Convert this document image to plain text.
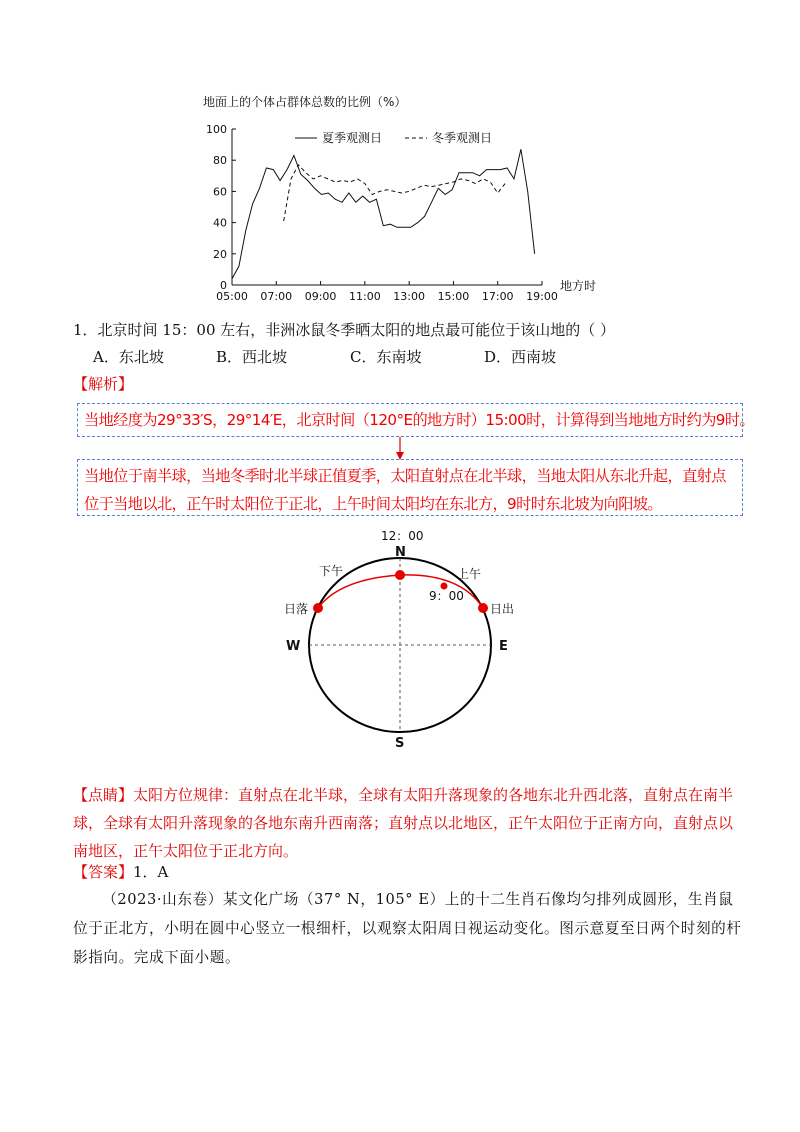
地面上的个体占群体总数的比例（%）
0
20
40
60
80
100
05:00 07:00 09:00 11:00 13:00 15:00 17:00 19:00
夏季观测日	冬季观测日
地方时
1．北京时间 15：00 左右，非洲冰鼠冬季晒太阳的地点最可能位于该山地的（ ）
A．东北坡	B．西北坡	C．东南坡	D．西南坡
【解析】
当地经度为29°33′S，29°14′E，北京时间（120°E的地方时）15:00时，计算得到当地地方时约为9时。
当地位于南半球，当地冬季时北半球正值夏季，太阳直射点在北半球，当地太阳从东北升起，直射点位于当地以北，正午时太阳位于正北，上午时间太阳均在东北方，9时时东北坡为向阳坡。
12：00
N
下午	上午
9：00
日落	日出
W	E
S
【点睛】太阳方位规律：直射点在北半球，全球有太阳升落现象的各地东北升西北落，直射点在南半球，全球有太阳升落现象的各地东南升西南落；直射点以北地区，正午太阳位于正南方向，直射点以南地区，正午太阳位于正北方向。
【答案】1．A
（2023·山东卷）某文化广场（37° N，105° E）上的十二生肖石像均匀排列成圆形，生肖鼠位于正北方，小明在圆中心竖立一根细杆，以观察太阳周日视运动变化。图示意夏至日两个时刻的杆影指向。完成下面小题。
